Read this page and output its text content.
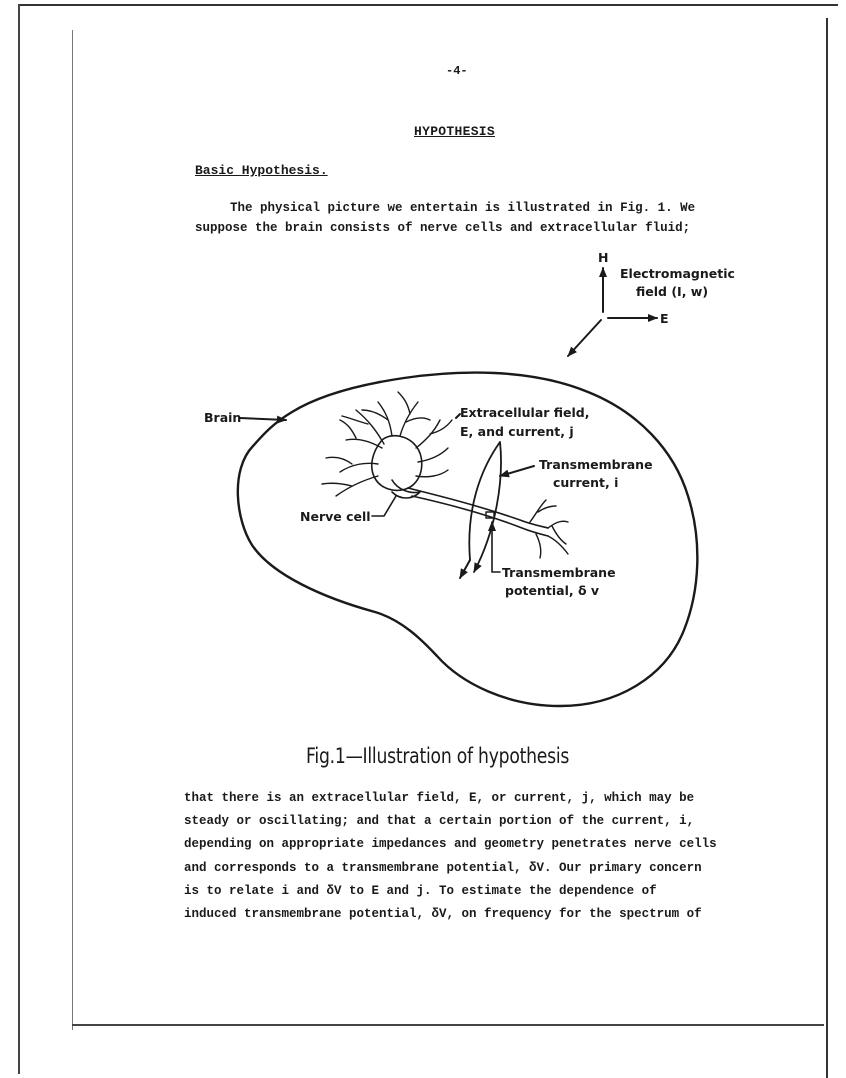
-4-
HYPOTHESIS
Basic Hypothesis.
The physical picture we entertain is illustrated in Fig. 1. We
suppose the brain consists of nerve cells and extracellular fluid;
H
Electromagnetic
field (I, w)
E
Brain	Extracellular field,
E, and current, j
Transmembrane
current, i
Nerve cell
Transmembrane
potential, δ v
Fig.1—Illustration of hypothesis
that there is an extracellular field, E, or current, j, which may be
steady or oscillating; and that a certain portion of the current, i,
depending on appropriate impedances and geometry penetrates nerve cells
and corresponds to a transmembrane potential, δV. Our primary concern
is to relate i and δV to E and j. To estimate the dependence of
induced transmembrane potential, δV, on frequency for the spectrum of
